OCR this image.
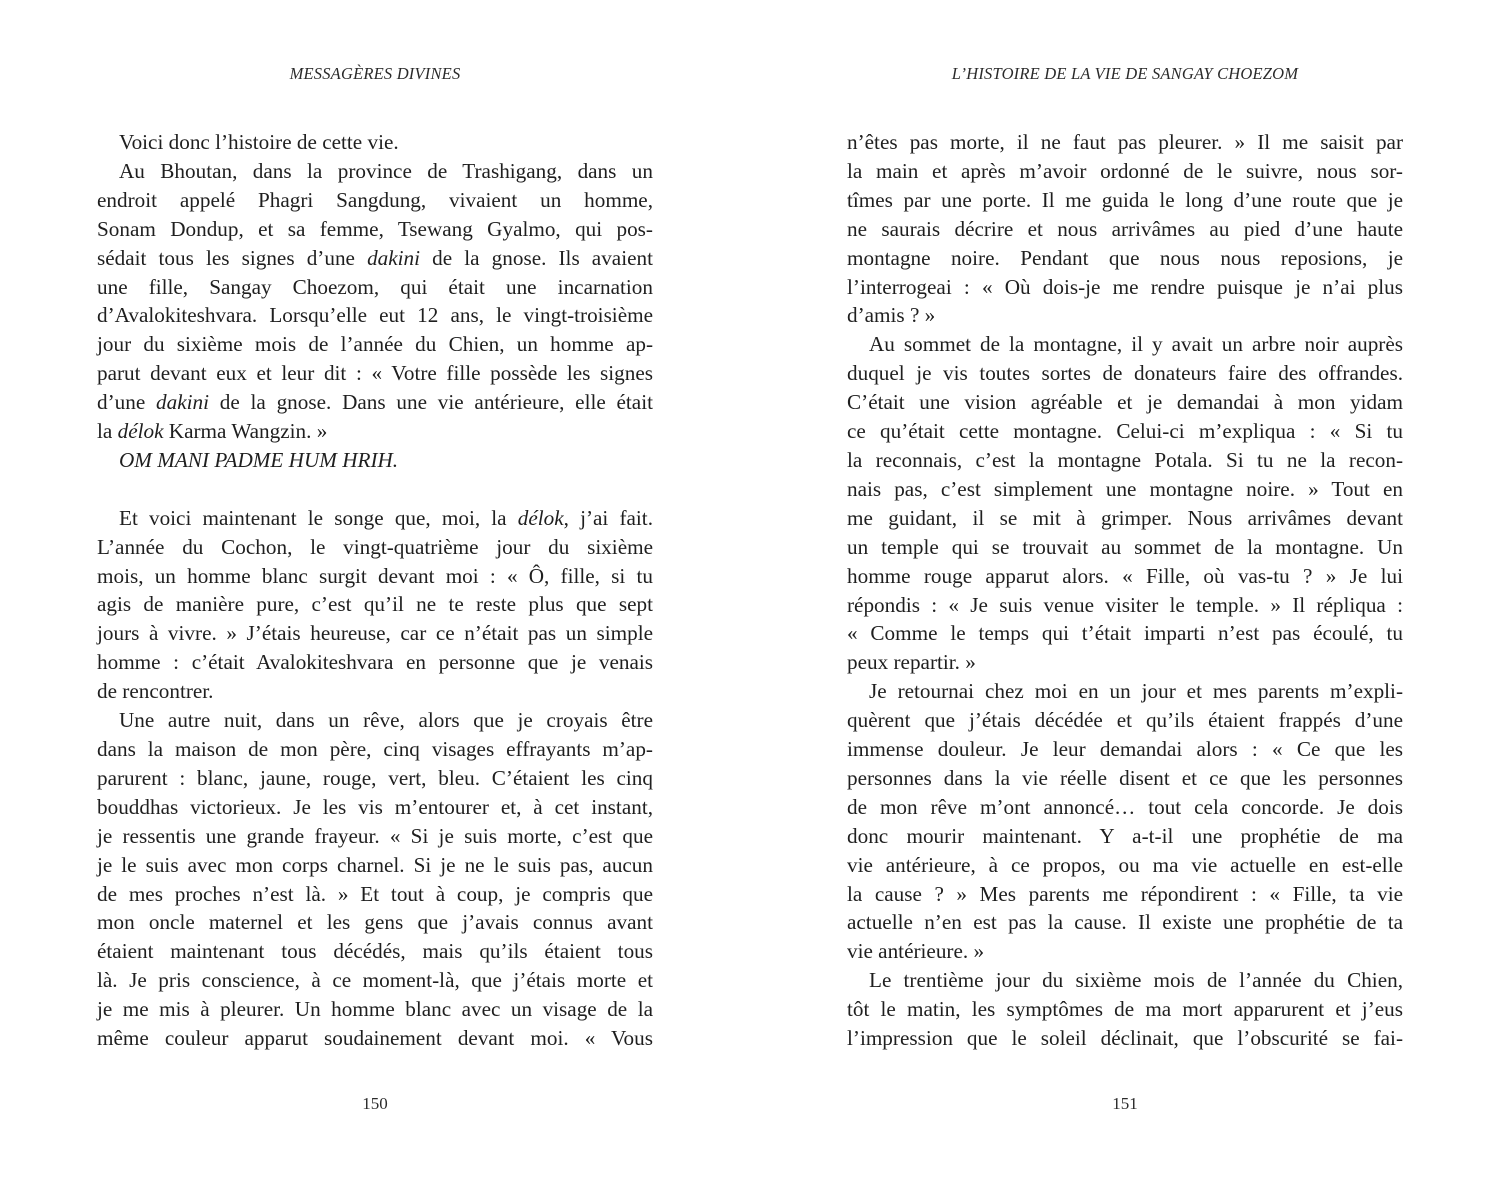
MESSAGÈRES DIVINES

Voici donc l’histoire de cette vie.

Au Bhoutan, dans la province de Trashigang, dans un
endroit appelé Phagri Sangdung, vivaient un homme,
Sonam Dondup, et sa femme, Tsewang Gyalmo, qui pos-
sédait tous les signes d’une dakini de la gnose. Ils avaient
une fille, Sangay Choezom, qui était une incarnation
d’Avalokiteshvara. Lorsqu’elle eut 12 ans, le vingt-troisième
jour du sixième mois de l’année du Chien, un homme ap-
parut devant eux et leur dit : « Votre fille possède les signes
d’une dakini de la gnose. Dans une vie antérieure, elle était
la délok Karma Wangzin. »

OM MANI PADME HUM HRIH.

Et voici maintenant le songe que, moi, la délok, j’ai fait.
L’année du Cochon, le vingt-quatrième jour du sixième
mois, un homme blanc surgit devant moi : « Ô, fille, si tu
agis de manière pure, c’est qu’il ne te reste plus que sept
jours à vivre. » J’étais heureuse, car ce n’était pas un simple
homme : c’était Avalokiteshvara en personne que je venais
de rencontrer.

Une autre nuit, dans un rêve, alors que je croyais être
dans la maison de mon père, cinq visages effrayants m’ap-
parurent : blanc, jaune, rouge, vert, bleu. C’étaient les cinq
bouddhas victorieux. Je les vis m’entourer et, à cet instant,
je ressentis une grande frayeur. « Si je suis morte, c’est que
je le suis avec mon corps charnel. Si je ne le suis pas, aucun
de mes proches n’est là. » Et tout à coup, je compris que
mon oncle maternel et les gens que j’avais connus avant
étaient maintenant tous décédés, mais qu’ils étaient tous
là. Je pris conscience, à ce moment-là, que j’étais morte et
je me mis à pleurer. Un homme blanc avec un visage de la
même couleur apparut soudainement devant moi. « Vous

150
L’HISTOIRE DE LA VIE DE SANGAY CHOEZOM

n’êtes pas morte, il ne faut pas pleurer. » Il me saisit par
la main et après m’avoir ordonné de le suivre, nous sor-
tîmes par une porte. Il me guida le long d’une route que je
ne saurais décrire et nous arrivâmes au pied d’une haute
montagne noire. Pendant que nous nous reposions, je
l’interrogeai : « Où dois-je me rendre puisque je n’ai plus
d’amis ? »

Au sommet de la montagne, il y avait un arbre noir auprès
duquel je vis toutes sortes de donateurs faire des offrandes.
C’était une vision agréable et je demandai à mon yidam
ce qu’était cette montagne. Celui-ci m’expliqua : « Si tu
la reconnais, c’est la montagne Potala. Si tu ne la recon-
nais pas, c’est simplement une montagne noire. » Tout en
me guidant, il se mit à grimper. Nous arrivâmes devant
un temple qui se trouvait au sommet de la montagne. Un
homme rouge apparut alors. « Fille, où vas-tu ? » Je lui
répondis : « Je suis venue visiter le temple. » Il répliqua :
« Comme le temps qui t’était imparti n’est pas écoulé, tu
peux repartir. »

Je retournai chez moi en un jour et mes parents m’expli-
quèrent que j’étais décédée et qu’ils étaient frappés d’une
immense douleur. Je leur demandai alors : « Ce que les
personnes dans la vie réelle disent et ce que les personnes
de mon rêve m’ont annoncé… tout cela concorde. Je dois
donc mourir maintenant. Y a-t-il une prophétie de ma
vie antérieure, à ce propos, ou ma vie actuelle en est-elle
la cause ? » Mes parents me répondirent : « Fille, ta vie
actuelle n’en est pas la cause. Il existe une prophétie de ta
vie antérieure. »

Le trentième jour du sixième mois de l’année du Chien,
tôt le matin, les symptômes de ma mort apparurent et j’eus
l’impression que le soleil déclinait, que l’obscurité se fai-

151
